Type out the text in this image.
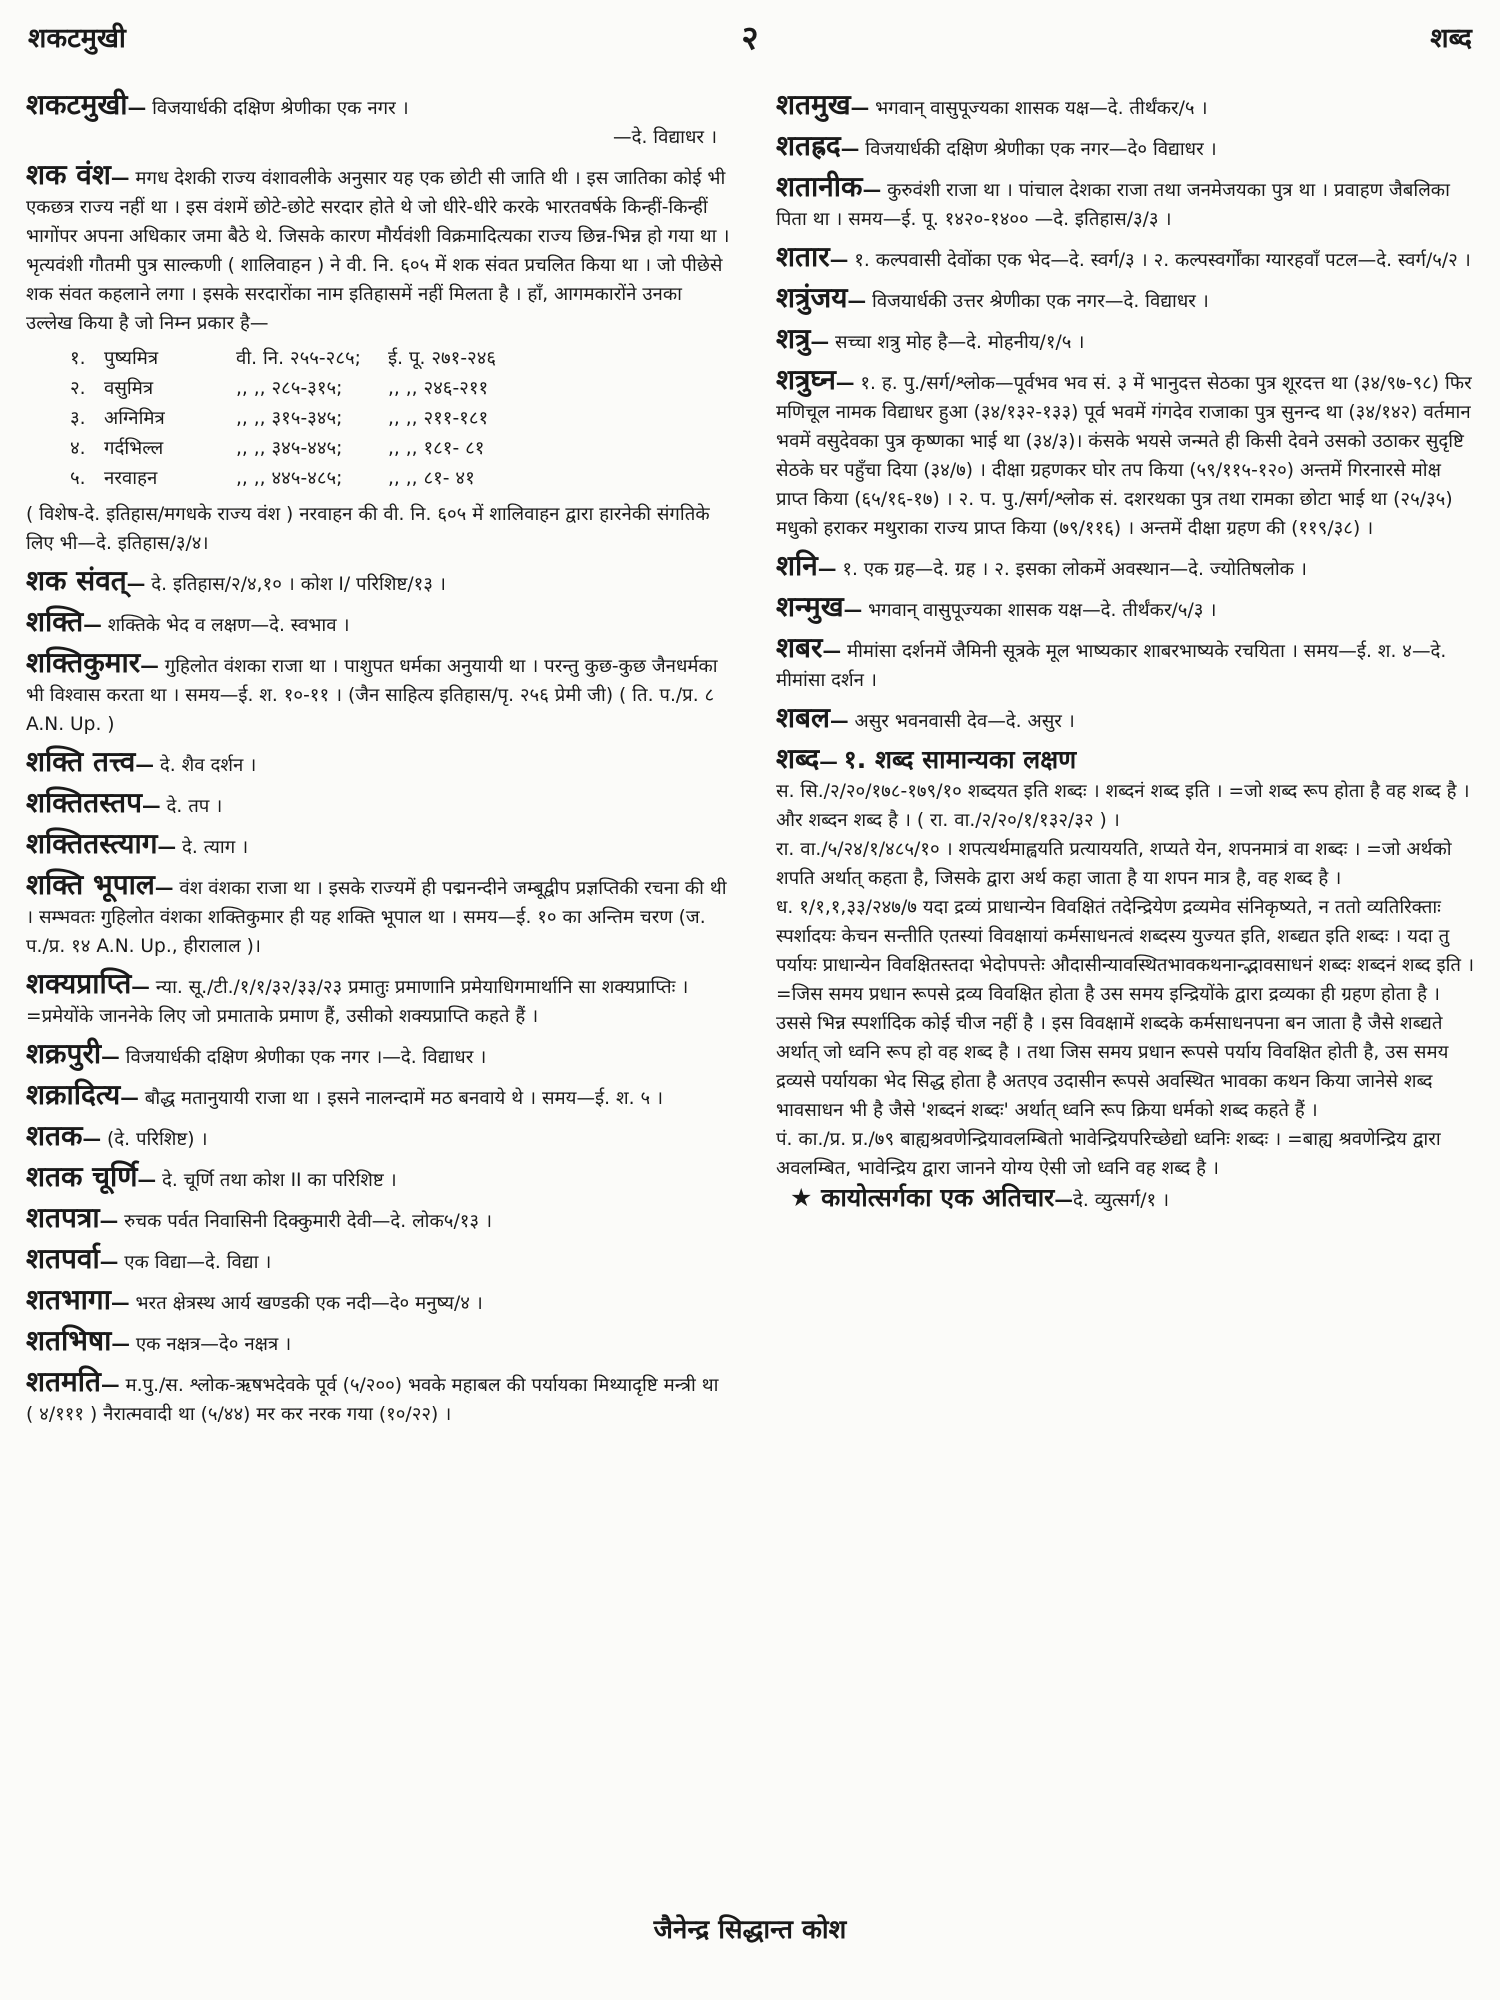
शकटमुखी	२	शब्द
शकटमुखी— विजयार्धकी दक्षिण श्रेणीका एक नगर ।
—दे. विद्याधर ।
शक वंश— मगध देशकी राज्य वंशावलीके अनुसार यह एक छोटी सी जाति थी । इस जातिका कोई भी एकछत्र राज्य नहीं था । इस वंशमें छोटे-छोटे सरदार होते थे जो धीरे-धीरे करके भारतवर्षके किन्हीं-किन्हीं भागोंपर अपना अधिकार जमा बैठे थे. जिसके कारण मौर्यवंशी विक्रमादित्यका राज्य छिन्न-भिन्न हो गया था । भृत्यवंशी गौतमी पुत्र साल्कणी ( शालिवाहन ) ने वी. नि. ६०५ में शक संवत प्रचलित किया था । जो पीछेसे शक संवत कहलाने लगा । इसके सरदारोंका नाम इतिहासमें नहीं मिलता है । हाँ, आगमकारोंने उनका उल्लेख किया है जो निम्न प्रकार है—
१. पुष्यमित्र	वी. नि. २५५-२८५; ई. पू. २७१-२४६
२. वसुमित्र	,, ,, २८५-३१५; ,, ,, २४६-२११
३. अग्निमित्र	,, ,, ३१५-३४५; ,, ,, २११-१८१
४. गर्दभिल्ल	,, ,, ३४५-४४५; ,, ,, १८१- ८१
५. नरवाहन	,, ,, ४४५-४८५; ,, ,, ८१- ४१
( विशेष-दे. इतिहास/मगधके राज्य वंश ) नरवाहन की वी. नि. ६०५ में शालिवाहन द्वारा हारनेकी संगतिके लिए भी—दे. इतिहास/३/४।
शक संवत्— दे. इतिहास/२/४,१० । कोश I/ परिशिष्ट/१३ ।
शक्ति— शक्तिके भेद व लक्षण—दे. स्वभाव ।
शक्तिकुमार— गुहिलोत वंशका राजा था । पाशुपत धर्मका अनुयायी था । परन्तु कुछ-कुछ जैनधर्मका भी विश्वास करता था । समय—ई. श. १०-११ । (जैन साहित्य इतिहास/पृ. २५६ प्रेमी जी) ( ति. प./प्र. ८ A.N. Up. )
शक्ति तत्त्व— दे. शैव दर्शन ।
शक्तितस्तप— दे. तप ।
शक्तितस्त्याग— दे. त्याग ।
शक्ति भूपाल— वंश वंशका राजा था । इसके राज्यमें ही पद्मनन्दीने जम्बूद्वीप प्रज्ञप्तिकी रचना की थी । सम्भवतः गुहिलोत वंशका शक्तिकुमार ही यह शक्ति भूपाल था । समय—ई. १० का अन्तिम चरण (ज. प./प्र. १४ A.N. Up., हीरालाल )।
शक्यप्राप्ति— न्या. सू./टी./१/१/३२/३३/२३ प्रमातुः प्रमाणानि प्रमेयाधिगमार्थानि सा शक्यप्राप्तिः । =प्रमेयोंके जाननेके लिए जो प्रमाताके प्रमाण हैं, उसीको शक्यप्राप्ति कहते हैं ।
शक्रपुरी— विजयार्धकी दक्षिण श्रेणीका एक नगर ।—दे. विद्याधर ।
शक्रादित्य— बौद्ध मतानुयायी राजा था । इसने नालन्दामें मठ बनवाये थे । समय—ई. श. ५ ।
शतक— (दे. परिशिष्ट) ।
शतक चूर्णि— दे. चूर्णि तथा कोश II का परिशिष्ट ।
शतपत्रा— रुचक पर्वत निवासिनी दिक्कुमारी देवी—दे. लोक५/१३ ।
शतपर्वा— एक विद्या—दे. विद्या ।
शतभागा— भरत क्षेत्रस्थ आर्य खण्डकी एक नदी—दे० मनुष्य/४ ।
शतभिषा— एक नक्षत्र—दे० नक्षत्र ।
शतमति— म.पु./स. श्लोक-ऋषभदेवके पूर्व (५/२००) भवके महाबल की पर्यायका मिथ्यादृष्टि मन्त्री था ( ४/१११ ) नैरात्मवादी था (५/४४) मर कर नरक गया (१०/२२) ।
शतमुख— भगवान् वासुपूज्यका शासक यक्ष—दे. तीर्थंकर/५ ।
शतह्रद— विजयार्धकी दक्षिण श्रेणीका एक नगर—दे० विद्याधर ।
शतानीक— कुरुवंशी राजा था । पांचाल देशका राजा तथा जनमेजयका पुत्र था । प्रवाहण जैबलिका पिता था । समय—ई. पू. १४२०-१४०० —दे. इतिहास/३/३ ।
शतार— १. कल्पवासी देवोंका एक भेद—दे. स्वर्ग/३ । २. कल्पस्वर्गोंका ग्यारहवाँ पटल—दे. स्वर्ग/५/२ ।
शत्रुंजय— विजयार्धकी उत्तर श्रेणीका एक नगर—दे. विद्याधर ।
शत्रु— सच्चा शत्रु मोह है—दे. मोहनीय/१/५ ।
शत्रुघ्न— १. ह. पु./सर्ग/श्लोक—पूर्वभव भव सं. ३ में भानुदत्त सेठका पुत्र शूरदत्त था (३४/९७-९८) फिर मणिचूल नामक विद्याधर हुआ (३४/१३२-१३३) पूर्व भवमें गंगदेव राजाका पुत्र सुनन्द था (३४/१४२) वर्तमान भवमें वसुदेवका पुत्र कृष्णका भाई था (३४/३)। कंसके भयसे जन्मते ही किसी देवने उसको उठाकर सुदृष्टि सेठके घर पहुँचा दिया (३४/७) । दीक्षा ग्रहणकर घोर तप किया (५९/११५-१२०) अन्तमें गिरनारसे मोक्ष प्राप्त किया (६५/१६-१७) । २. प. पु./सर्ग/श्लोक सं. दशरथका पुत्र तथा रामका छोटा भाई था (२५/३५) मधुको हराकर मथुराका राज्य प्राप्त किया (७९/११६) । अन्तमें दीक्षा ग्रहण की (११९/३८) ।
शनि— १. एक ग्रह—दे. ग्रह । २. इसका लोकमें अवस्थान—दे. ज्योतिषलोक ।
शन्मुख— भगवान् वासुपूज्यका शासक यक्ष—दे. तीर्थंकर/५/३ ।
शबर— मीमांसा दर्शनमें जैमिनी सूत्रके मूल भाष्यकार शाबरभाष्यके रचयिता । समय—ई. श. ४—दे. मीमांसा दर्शन ।
शबल— असुर भवनवासी देव—दे. असुर ।
शब्द— १. शब्द सामान्यका लक्षण
स. सि./२/२०/१७८-१७९/१० शब्दयत इति शब्दः । शब्दनं शब्द इति । =जो शब्द रूप होता है वह शब्द है । और शब्दन शब्द है । ( रा. वा./२/२०/१/१३२/३२ ) ।
रा. वा./५/२४/१/४८५/१० । शपत्यर्थमाह्वयति प्रत्याययति, शप्यते येन, शपनमात्रं वा शब्दः । =जो अर्थको शपति अर्थात् कहता है, जिसके द्वारा अर्थ कहा जाता है या शपन मात्र है, वह शब्द है ।
ध. १/१,१,३३/२४७/७ यदा द्रव्यं प्राधान्येन विवक्षितं तदेन्द्रियेण द्रव्यमेव संनिकृष्यते, न ततो व्यतिरिक्ताः स्पर्शादयः केचन सन्तीति एतस्यां विवक्षायां कर्मसाधनत्वं शब्दस्य युज्यत इति, शब्द्यत इति शब्दः । यदा तु पर्यायः प्राधान्येन विवक्षितस्तदा भेदोपपत्तेः औदासीन्यावस्थितभावकथनान्द्भावसाधनं शब्दः शब्दनं शब्द इति । =जिस समय प्रधान रूपसे द्रव्य विवक्षित होता है उस समय इन्द्रियोंके द्वारा द्रव्यका ही ग्रहण होता है । उससे भिन्न स्पर्शादिक कोई चीज नहीं है । इस विवक्षामें शब्दके कर्मसाधनपना बन जाता है जैसे शब्द्यते अर्थात् जो ध्वनि रूप हो वह शब्द है । तथा जिस समय प्रधान रूपसे पर्याय विवक्षित होती है, उस समय द्रव्यसे पर्यायका भेद सिद्ध होता है अतएव उदासीन रूपसे अवस्थित भावका कथन किया जानेसे शब्द भावसाधन भी है जैसे 'शब्दनं शब्दः' अर्थात् ध्वनि रूप क्रिया धर्मको शब्द कहते हैं ।
पं. का./प्र. प्र./७९ बाह्यश्रवणेन्द्रियावलम्बितो भावेन्द्रियपरिच्छेद्यो ध्वनिः शब्दः । =बाह्य श्रवणेन्द्रिय द्वारा अवलम्बित, भावेन्द्रिय द्वारा जानने योग्य ऐसी जो ध्वनि वह शब्द है ।
★ कायोत्सर्गका एक अतिचार—दे. व्युत्सर्ग/१ ।
जैनेन्द्र सिद्धान्त कोश
